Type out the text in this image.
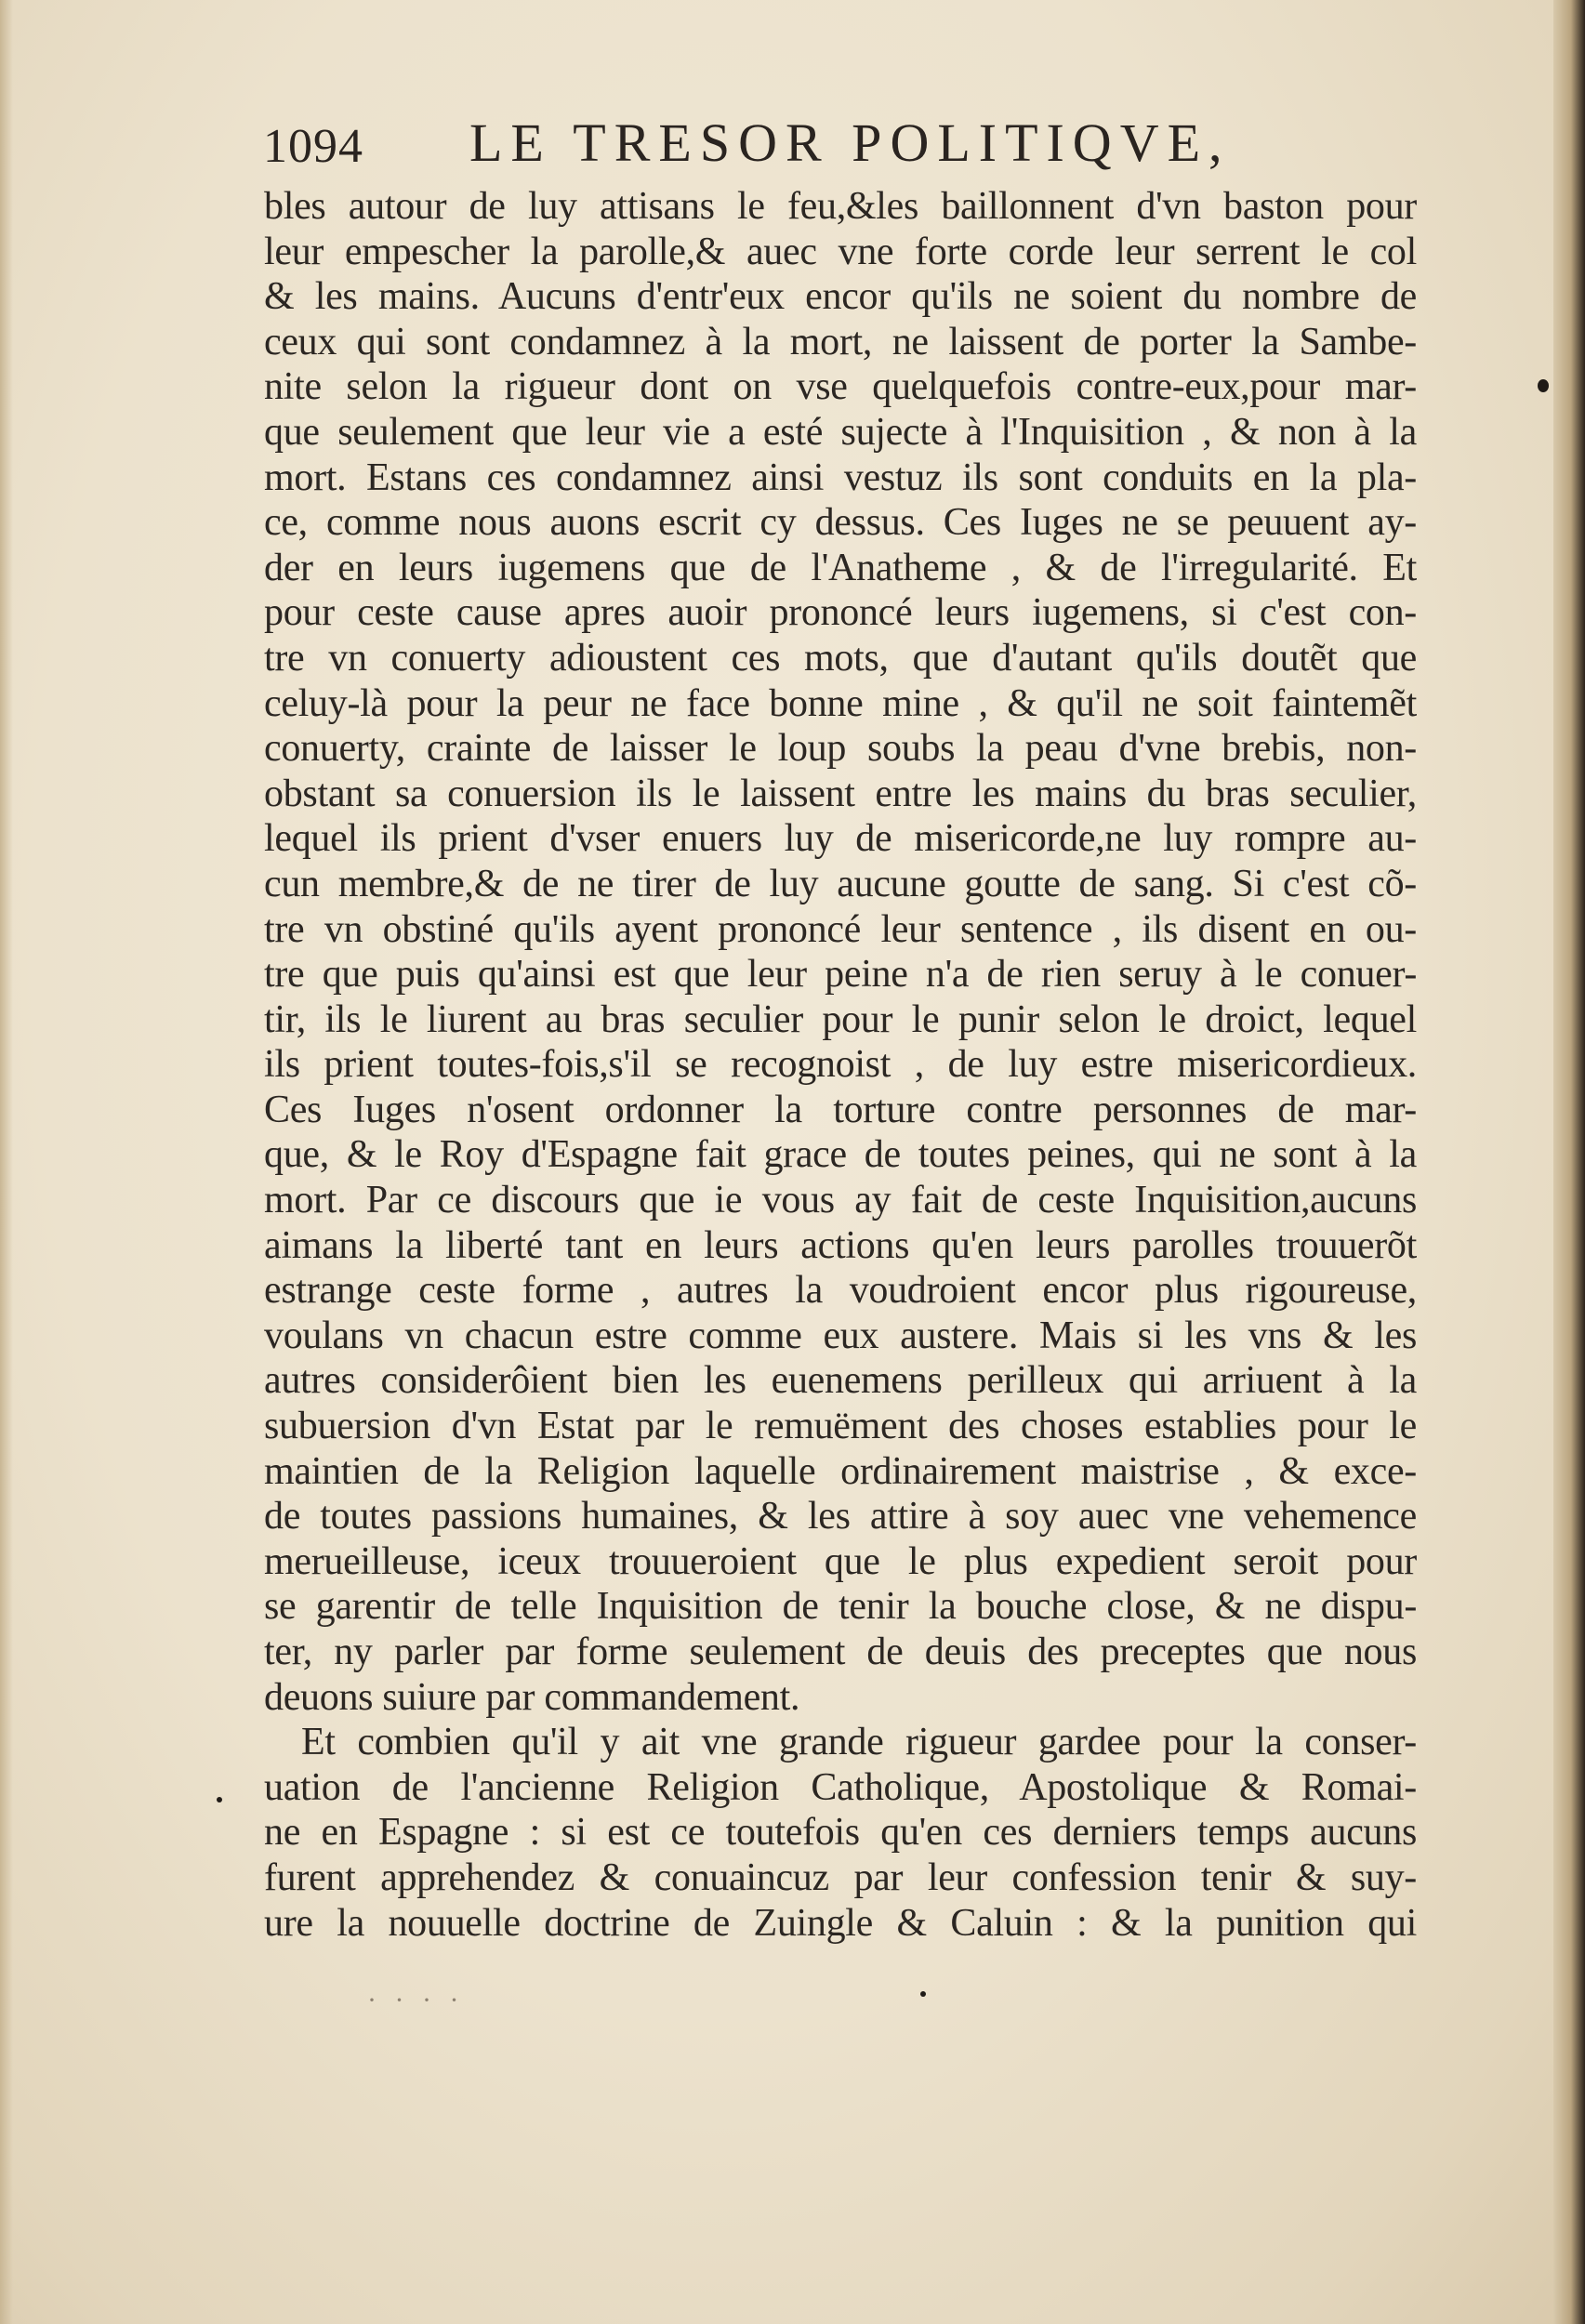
1094 LE TRESOR POLITIQVE,
bles autour de luy attisans le feu,&les baillonnent d'vn baston pour
leur empescher la parolle,& auec vne forte corde leur serrent le col
& les mains. Aucuns d'entr'eux encor qu'ils ne soient du nombre de
ceux qui sont condamnez à la mort, ne laissent de porter la Sambe-
nite selon la rigueur dont on vse quelquefois contre-eux,pour mar-
que seulement que leur vie a esté sujecte à l'Inquisition , & non à la
mort. Estans ces condamnez ainsi vestuz ils sont conduits en la pla-
ce, comme nous auons escrit cy dessus. Ces Iuges ne se peuuent ay-
der en leurs iugemens que de l'Anatheme , & de l'irregularité. Et
pour ceste cause apres auoir prononcé leurs iugemens, si c'est con-
tre vn conuerty adioustent ces mots, que d'autant qu'ils doutẽt que
celuy-là pour la peur ne face bonne mine , & qu'il ne soit faintemẽt
conuerty, crainte de laisser le loup soubs la peau d'vne brebis, non-
obstant sa conuersion ils le laissent entre les mains du bras seculier,
lequel ils prient d'vser enuers luy de misericorde,ne luy rompre au-
cun membre,& de ne tirer de luy aucune goutte de sang. Si c'est cõ-
tre vn obstiné qu'ils ayent prononcé leur sentence , ils disent en ou-
tre que puis qu'ainsi est que leur peine n'a de rien seruy à le conuer-
tir, ils le liurent au bras seculier pour le punir selon le droict, lequel
ils prient toutes-fois,s'il se recognoist , de luy estre misericordieux.
Ces Iuges n'osent ordonner la torture contre personnes de mar-
que, & le Roy d'Espagne fait grace de toutes peines, qui ne sont à la
mort. Par ce discours que ie vous ay fait de ceste Inquisition,aucuns
aimans la liberté tant en leurs actions qu'en leurs parolles trouuerõt
estrange ceste forme , autres la voudroient encor plus rigoureuse,
voulans vn chacun estre comme eux austere. Mais si les vns & les
autres considerôient bien les euenemens perilleux qui arriuent à la
subuersion d'vn Estat par le remuëment des choses establies pour le
maintien de la Religion laquelle ordinairement maistrise , & exce-
de toutes passions humaines, & les attire à soy auec vne vehemence
merueilleuse, iceux trouueroient que le plus expedient seroit pour
se garentir de telle Inquisition de tenir la bouche close, & ne dispu-
ter, ny parler par forme seulement de deuis des preceptes que nous
deuons suiure par commandement.
Et combien qu'il y ait vne grande rigueur gardee pour la conser-
uation de l'ancienne Religion Catholique, Apostolique & Romai-
ne en Espagne : si est ce toutefois qu'en ces derniers temps aucuns
furent apprehendez & conuaincuz par leur confession tenir & suy-
ure la nouuelle doctrine de Zuingle & Caluin : & la punition qui
· · · ·
